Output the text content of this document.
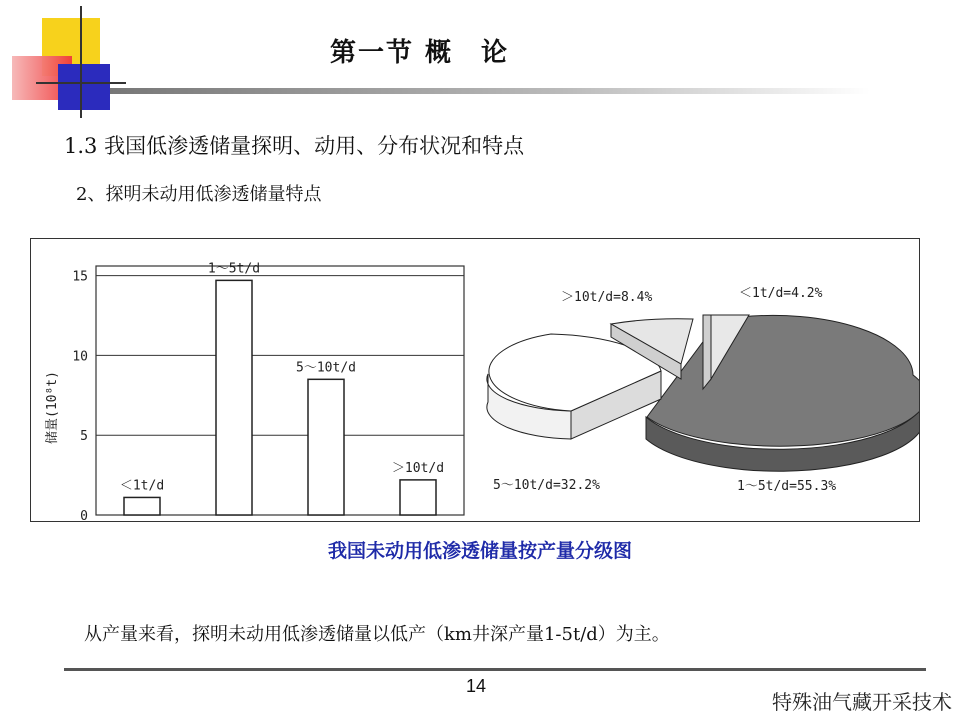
第一节 概　论
1.3 我国低渗透储量探明、动用、分布状况和特点
2、探明未动用低渗透储量特点
0
5
10
15
＜1t/d
1～5t/d
5～10t/d
＞10t/d
储量(10⁸t)
＞10t/d=8.4%	＜1t/d=4.2%
5～10t/d=32.2%	1～5t/d=55.3%
我国未动用低渗透储量按产量分级图
从产量来看，探明未动用低渗透储量以低产（km井深产量1-5t/d）为主。
14
特殊油气藏开采技术
